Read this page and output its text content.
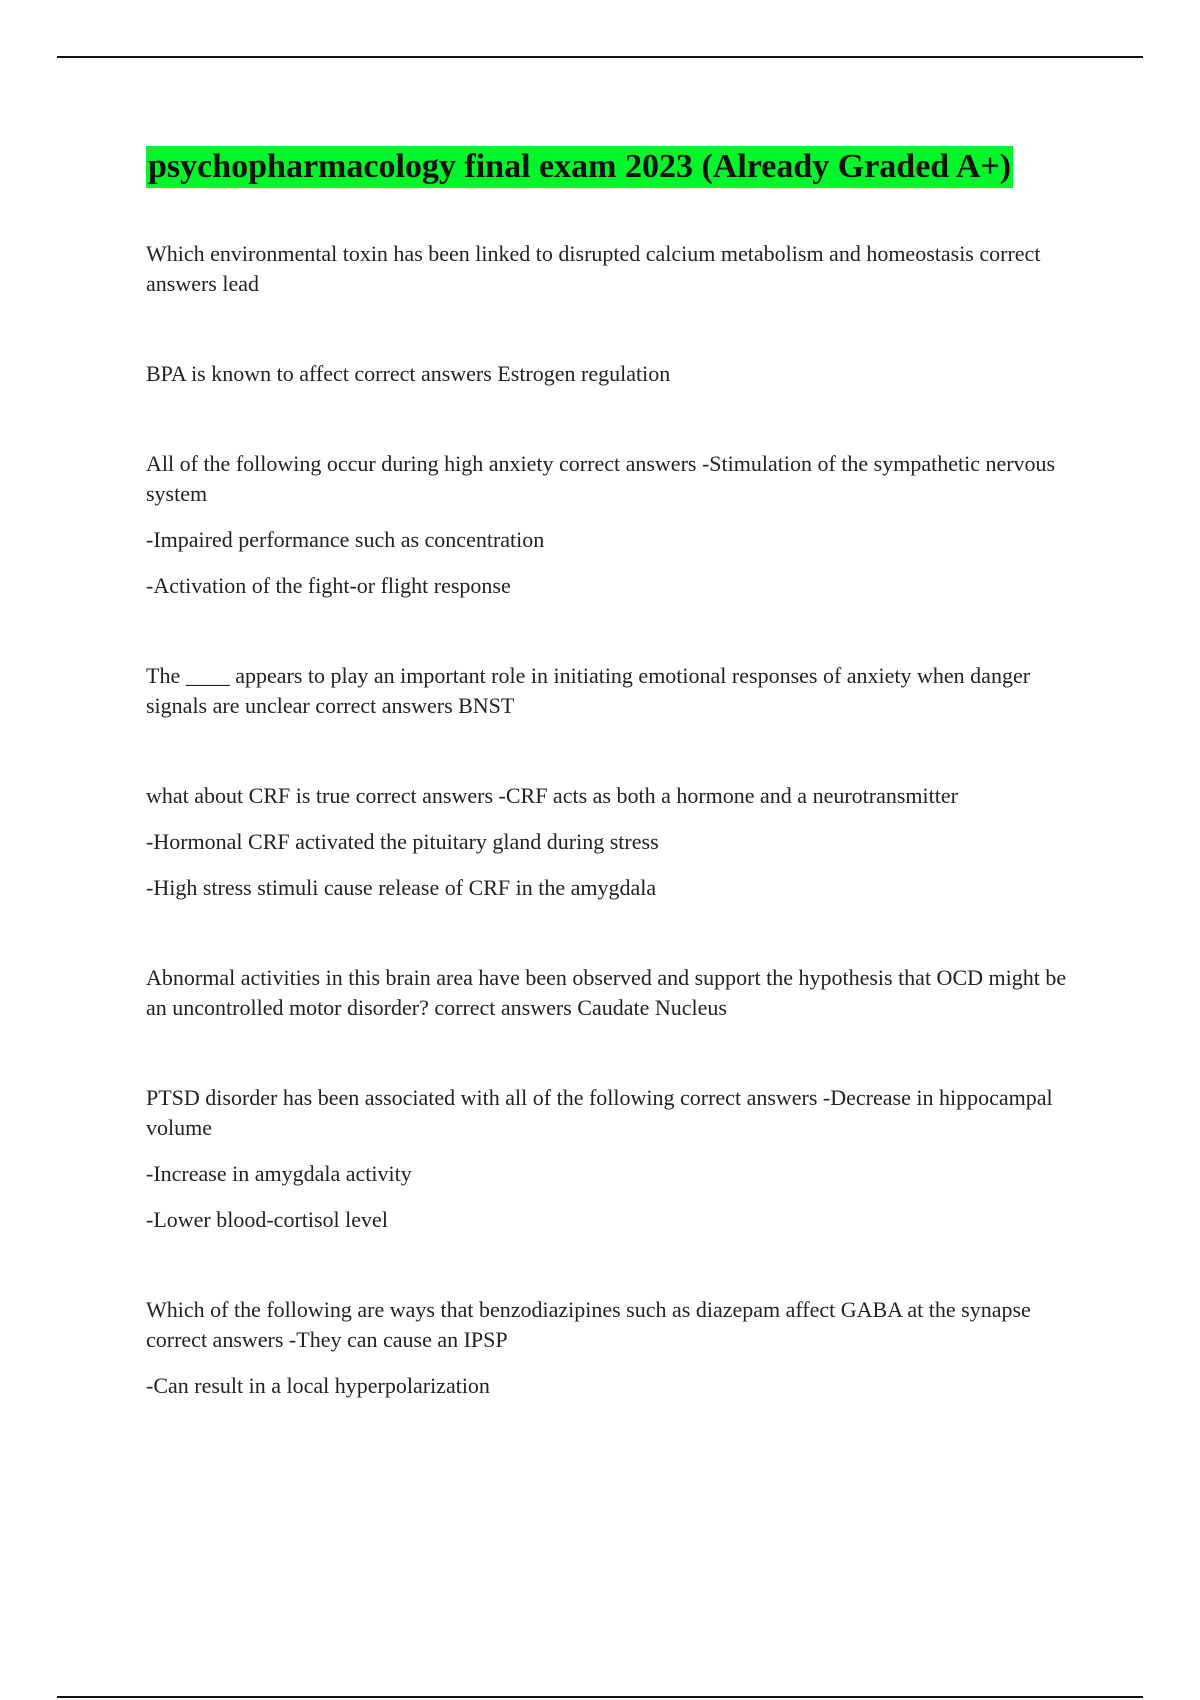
psychopharmacology final exam 2023 (Already Graded A+)

Which environmental toxin has been linked to disrupted calcium metabolism and homeostasis correct answers lead

BPA is known to affect correct answers Estrogen regulation

All of the following occur during high anxiety correct answers -Stimulation of the sympathetic nervous system

-Impaired performance such as concentration

-Activation of the fight-or flight response

The ____ appears to play an important role in initiating emotional responses of anxiety when danger signals are unclear correct answers BNST

what about CRF is true correct answers -CRF acts as both a hormone and a neurotransmitter

-Hormonal CRF activated the pituitary gland during stress

-High stress stimuli cause release of CRF in the amygdala

Abnormal activities in this brain area have been observed and support the hypothesis that OCD might be an uncontrolled motor disorder? correct answers Caudate Nucleus

PTSD disorder has been associated with all of the following correct answers -Decrease in hippocampal volume

-Increase in amygdala activity

-Lower blood-cortisol level

Which of the following are ways that benzodiazipines such as diazepam affect GABA at the synapse correct answers -They can cause an IPSP

-Can result in a local hyperpolarization
